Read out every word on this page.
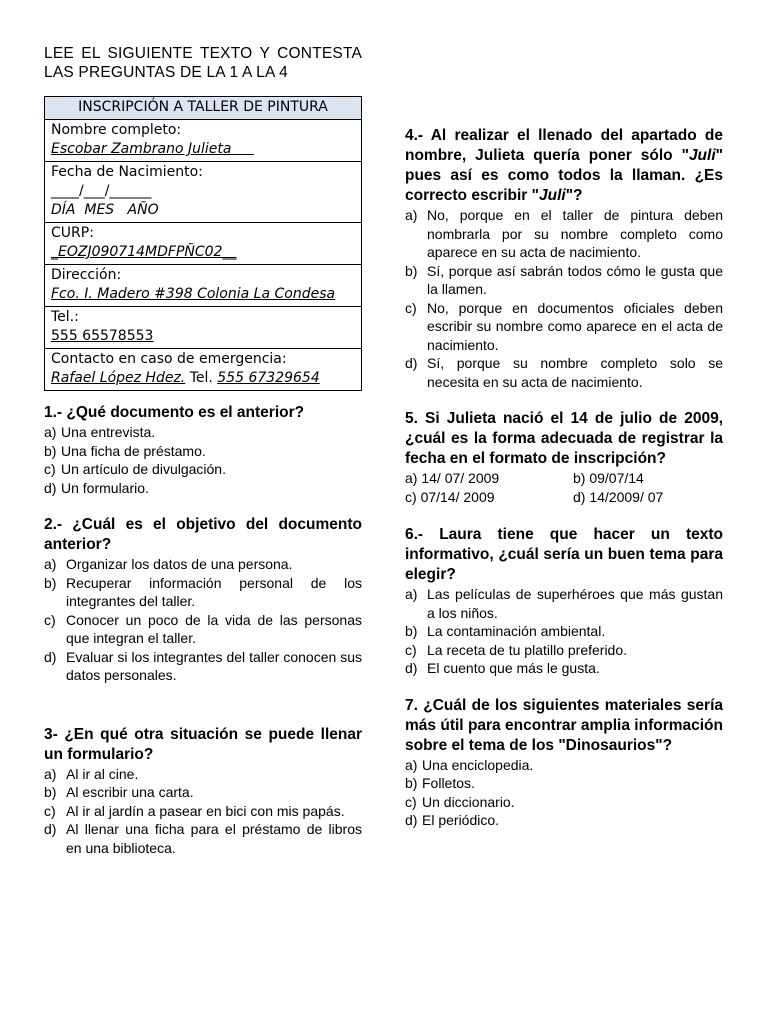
LEE EL SIGUIENTE TEXTO Y CONTESTA LAS PREGUNTAS DE LA 1 A LA 4

INSCRIPCIÓN A TALLER DE PINTURA

Nombre completo:
Escobar Zambrano Julieta

Fecha de Nacimiento:
____/___/______
DÍA  MES   AÑO

CURP:
_EOZJ090714MDFPÑC02__

Dirección:
Fco. I. Madero #398 Colonia La Condesa

Tel.:
555 65578553

Contacto en caso de emergencia:
Rafael López Hdez. Tel. 555 67329654

1.- ¿Qué documento es el anterior?

a) Una entrevista.
b) Una ficha de préstamo.
c) Un artículo de divulgación.
d) Un formulario.

2.- ¿Cuál es el objetivo del documento anterior?

a) Organizar los datos de una persona.
b) Recuperar información personal de los integrantes del taller.
c) Conocer un poco de la vida de las personas que integran el taller.
d) Evaluar si los integrantes del taller conocen sus datos personales.

3- ¿En qué otra situación se puede llenar un formulario?

a) Al ir al cine.
b) Al escribir una carta.
c) Al ir al jardín a pasear en bici con mis papás.
d) Al llenar una ficha para el préstamo de libros en una biblioteca.

4.- Al realizar el llenado del apartado de nombre, Julieta quería poner sólo "Juli" pues así es como todos la llaman. ¿Es correcto escribir "Juli"?

a) No, porque en el taller de pintura deben nombrarla por su nombre completo como aparece en su acta de nacimiento.
b) Sí, porque así sabrán todos cómo le gusta que la llamen.
c) No, porque en documentos oficiales deben escribir su nombre como aparece en el acta de nacimiento.
d) Sí, porque su nombre completo solo se necesita en su acta de nacimiento.

5. Si Julieta nació el 14 de julio de 2009, ¿cuál es la forma adecuada de registrar la fecha en el formato de inscripción?

a) 14/ 07/ 2009	b) 09/07/14
c) 07/14/ 2009	d) 14/2009/ 07

6.- Laura tiene que hacer un texto informativo, ¿cuál sería un buen tema para elegir?

a) Las películas de superhéroes que más gustan a los niños.
b) La contaminación ambiental.
c) La receta de tu platillo preferido.
d) El cuento que más le gusta.

7. ¿Cuál de los siguientes materiales sería más útil para encontrar amplia información sobre el tema de los "Dinosaurios"?

a) Una enciclopedia.
b) Folletos.
c) Un diccionario.
d) El periódico.
